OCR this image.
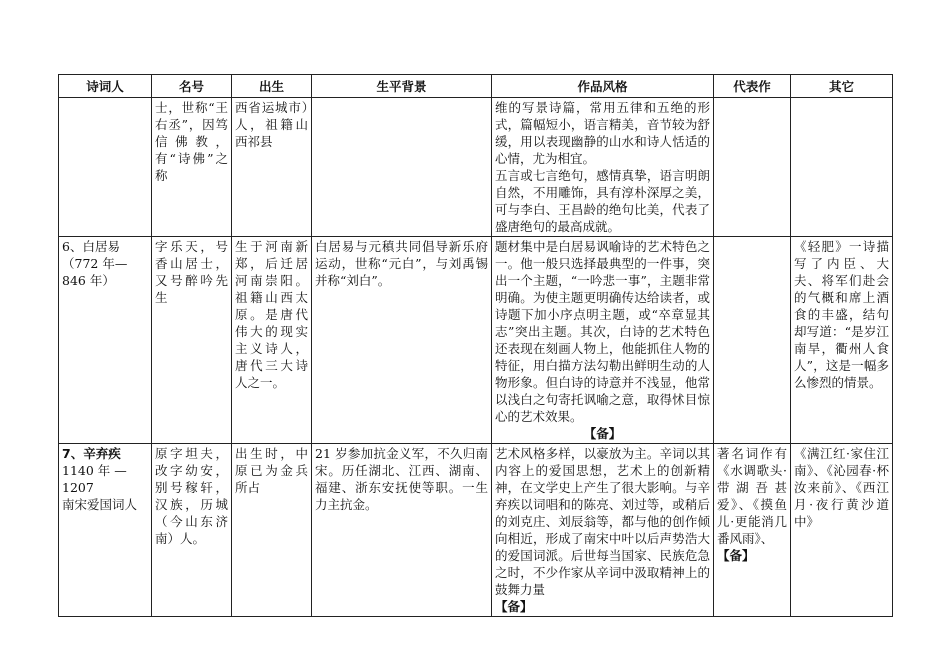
诗词人	名号	出生	生平背景	作品风格	代表作	其它
	士，世称“王右丞”，因笃信佛教，有“诗佛”之称	西省运城市）人，祖籍山西祁县		维的写景诗篇，常用五律和五绝的形式，篇幅短小，语言精美，音节较为舒缓，用以表现幽静的山水和诗人恬适的心情，尤为相宜。
五言或七言绝句，感情真挚，语言明朗自然，不用雕饰，具有淳朴深厚之美，可与李白、王昌龄的绝句比美，代表了盛唐绝句的最高成就。		

6、白居易
（772 年—846 年）	字乐天，号香山居士，又号醉吟先生	生于河南新郑，后迁居河南崇阳。祖籍山西太原。是唐代伟大的现实主义诗人，唐代三大诗人之一。	白居易与元稹共同倡导新乐府运动，世称“元白”，与刘禹锡并称“刘白”。	题材集中是白居易讽喻诗的艺术特色之一。他一般只选择最典型的一件事，突出一个主题，“一吟悲一事”，主题非常明确。为使主题更明确传达给读者，或诗题下加小序点明主题，或“卒章显其志”突出主题。其次，白诗的艺术特色还表现在刻画人物上，他能抓住人物的特征，用白描方法勾勒出鲜明生动的人物形象。但白诗的诗意并不浅显，他常以浅白之句寄托讽喻之意，取得怵目惊心的艺术效果。
【备】		《轻肥》一诗描写了内臣、大夫、将军们赴会的气概和席上酒食的丰盛，结句却写道：“是岁江南旱，衢州人食人”，这是一幅多么惨烈的情景。

7、辛弃疾
1140 年 —1207
南宋爱国词人	原字坦夫，改字幼安，别号稼轩，汉族，历城（今山东济南）人。	出生时，中原已为金兵所占	21 岁参加抗金义军，不久归南宋。历任湖北、江西、湖南、福建、浙东安抚使等职。一生力主抗金。	艺术风格多样，以豪放为主。辛词以其内容上的爱国思想，艺术上的创新精神，在文学史上产生了很大影响。与辛弃疾以词唱和的陈亮、刘过等，或稍后的刘克庄、刘辰翁等，都与他的创作倾向相近，形成了南宋中叶以后声势浩大的爱国词派。后世每当国家、民族危急之时，不少作家从辛词中汲取精神上的鼓舞力量
【备】	著名词作有《水调歌头·带湖吾甚爱》、《摸鱼儿·更能消几番风雨》、
【备】	《满江红·家住江南》、《沁园春·杯汝来前》、《西江月·夜行黄沙道中》
